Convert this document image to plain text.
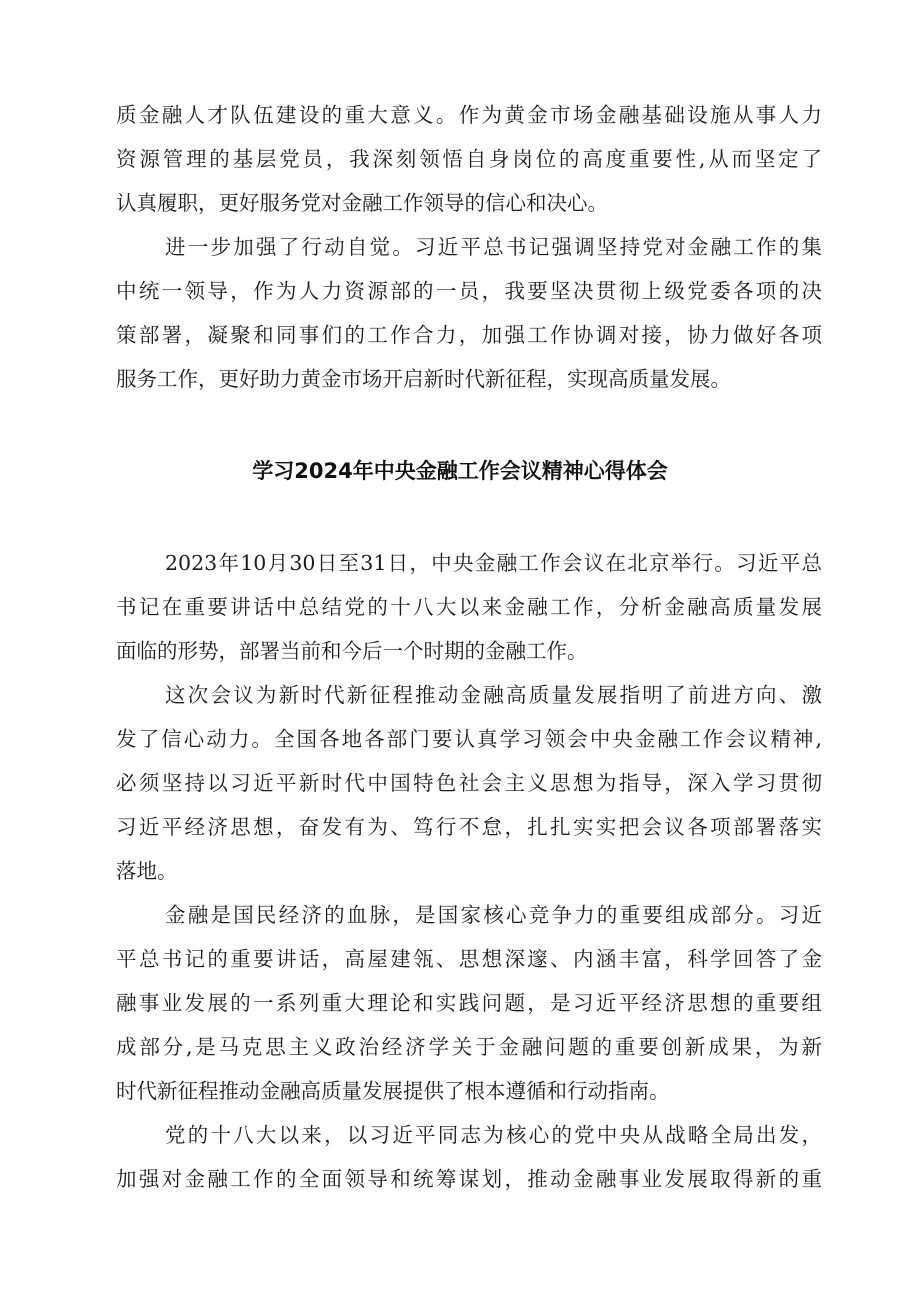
质金融人才队伍建设的重大意义。作为黄金市场金融基础设施从事人力
资源管理的基层党员，我深刻领悟自身岗位的高度重要性,从而坚定了
认真履职，更好服务党对金融工作领导的信心和决心。
进一步加强了行动自觉。习近平总书记强调坚持党对金融工作的集
中统一领导，作为人力资源部的一员，我要坚决贯彻上级党委各项的决
策部署，凝聚和同事们的工作合力，加强工作协调对接，协力做好各项
服务工作，更好助力黄金市场开启新时代新征程，实现高质量发展。
学习2024年中央金融工作会议精神心得体会
2023年10月30日至31日，中央金融工作会议在北京举行。习近平总
书记在重要讲话中总结党的十八大以来金融工作，分析金融高质量发展
面临的形势，部署当前和今后一个时期的金融工作。
这次会议为新时代新征程推动金融高质量发展指明了前进方向、激
发了信心动力。全国各地各部门要认真学习领会中央金融工作会议精神,
必须坚持以习近平新时代中国特色社会主义思想为指导，深入学习贯彻
习近平经济思想，奋发有为、笃行不怠，扎扎实实把会议各项部署落实
落地。
金融是国民经济的血脉，是国家核心竞争力的重要组成部分。习近
平总书记的重要讲话，高屋建瓴、思想深邃、内涵丰富，科学回答了金
融事业发展的一系列重大理论和实践问题，是习近平经济思想的重要组
成部分,是马克思主义政治经济学关于金融问题的重要创新成果，为新
时代新征程推动金融高质量发展提供了根本遵循和行动指南。
党的十八大以来，以习近平同志为核心的党中央从战略全局出发，
加强对金融工作的全面领导和统筹谋划，推动金融事业发展取得新的重
